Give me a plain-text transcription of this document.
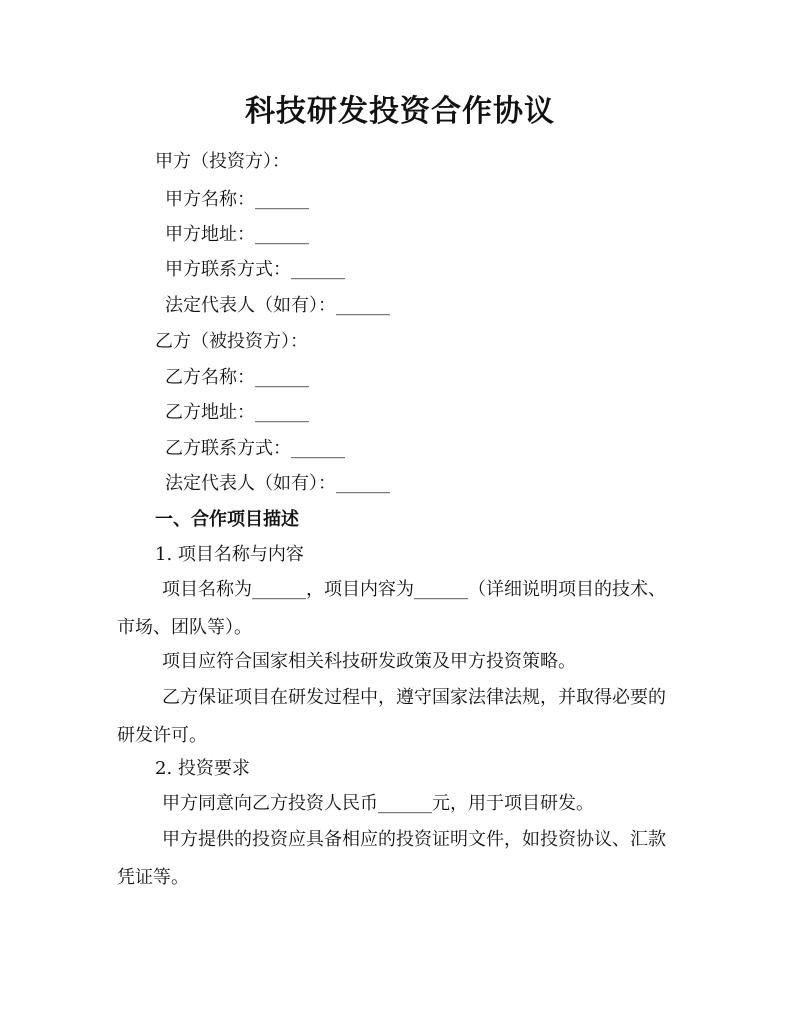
科技研发投资合作协议

甲方（投资方）：

甲方名称：______

甲方地址：______

甲方联系方式：______

法定代表人（如有）：______

乙方（被投资方）：

乙方名称：______

乙方地址：______

乙方联系方式：______

法定代表人（如有）：______

一、合作项目描述

1. 项目名称与内容

项目名称为______，项目内容为______（详细说明项目的技术、市场、团队等）。

项目应符合国家相关科技研发政策及甲方投资策略。

乙方保证项目在研发过程中，遵守国家法律法规，并取得必要的研发许可。

2. 投资要求

甲方同意向乙方投资人民币______元，用于项目研发。

甲方提供的投资应具备相应的投资证明文件，如投资协议、汇款凭证等。
